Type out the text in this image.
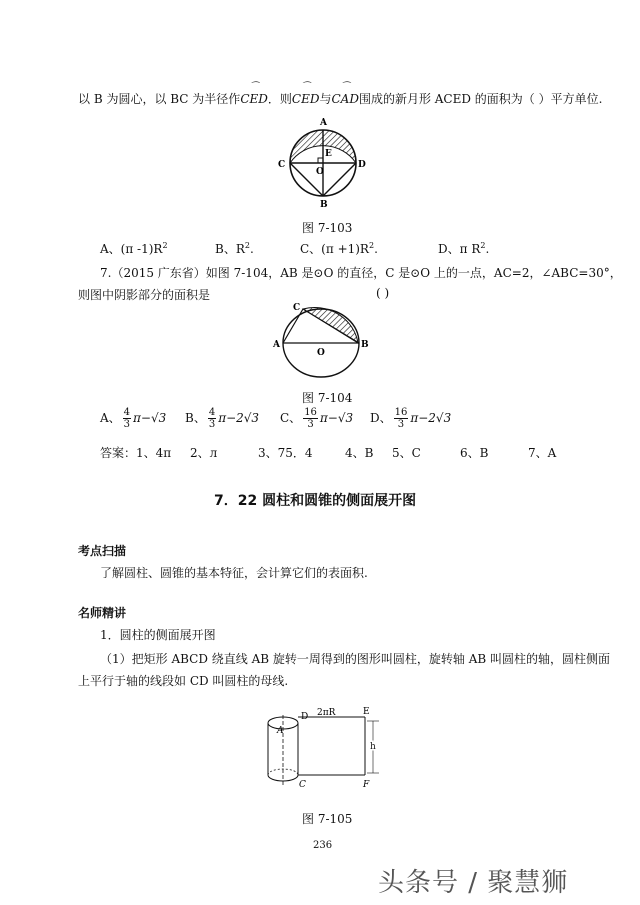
以 B 为圆心，以 BC 为半径作⌒ CED．则⌒ CED与⌒ CAD围成的新月形 ACED 的面积为（ ）平方单位.
A
E
C	D
O
B
图 7-103
A、(π $-1)R^2$	B、$R^2$.	C、$(\pi +1)R^2$.	D、π $R^2$.
7.（2015 广东省）如图 7-104，AB 是⊙O 的直径，C 是⊙O 上的一点，AC=2，∠ABC=30°，
则图中阴影部分的面积是	( )
C
A
O
B
图 7-104
A、 $\frac{4}{3} \pi-√3$ B、 $\frac{4}{3} \pi-2√3$ C、 $\frac{16}{3} \pi-√3$ D、 $\frac{16}{3} \pi-2√3$
答案：1、4π 2、л	3、75．4	4、B 5、C	6、B	7、A
7．22 圆柱和圆锥的侧面展开图
考点扫描
了解圆柱、圆锥的基本特征，会计算它们的表面积.
名师精讲
1．圆柱的侧面展开图
（1）把矩形 ABCD 绕直线 AB 旋转一周得到的图形叫圆柱，旋转轴 AB 叫圆柱的轴，圆柱侧面
上平行于轴的线段如 CD 叫圆柱的母线.
D 2πR	E
A
h
C	F
图 7-105
236
头条号 / 聚慧狮
